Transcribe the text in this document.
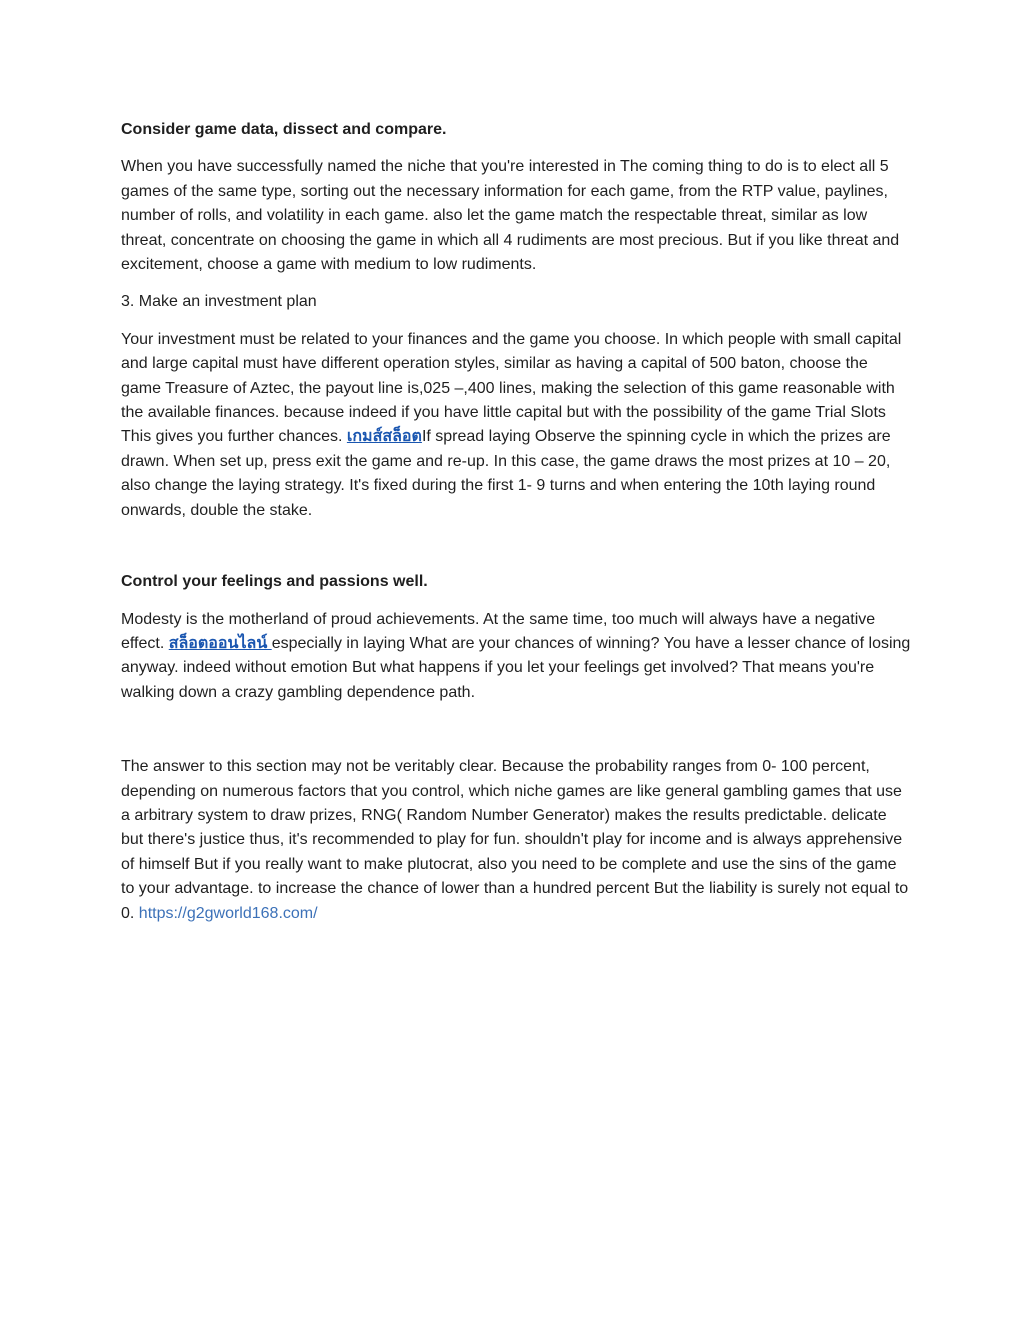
Consider game data, dissect and compare.

When you have successfully named the niche that you're interested in The coming thing to do is to elect all 5 games of the same type, sorting out the necessary information for each game, from the RTP value, paylines, number of rolls, and volatility in each game. also let the game match the respectable threat, similar as low threat, concentrate on choosing the game in which all 4 rudiments are most precious. But if you like threat and excitement, choose a game with medium to low rudiments.

3. Make an investment plan

Your investment must be related to your finances and the game you choose. In which people with small capital and large capital must have different operation styles, similar as having a capital of 500 baton, choose the game Treasure of Aztec, the payout line is,025 –,400 lines, making the selection of this game reasonable with the available finances. because indeed if you have little capital but with the possibility of the game Trial Slots This gives you further chances. เกมส์สล็อตIf spread laying Observe the spinning cycle in which the prizes are drawn. When set up, press exit the game and re-up. In this case, the game draws the most prizes at 10 – 20, also change the laying strategy. It's fixed during the first 1- 9 turns and when entering the 10th laying round onwards, double the stake.

Control your feelings and passions well.

Modesty is the motherland of proud achievements. At the same time, too much will always have a negative effect. สล็อตออนไลน์ especially in laying What are your chances of winning? You have a lesser chance of losing anyway. indeed without emotion But what happens if you let your feelings get involved? That means you're walking down a crazy gambling dependence path.

The answer to this section may not be veritably clear. Because the probability ranges from 0- 100 percent, depending on numerous factors that you control, which niche games are like general gambling games that use a arbitrary system to draw prizes, RNG( Random Number Generator) makes the results predictable. delicate but there's justice thus, it's recommended to play for fun. shouldn't play for income and is always apprehensive of himself But if you really want to make plutocrat, also you need to be complete and use the sins of the game to your advantage. to increase the chance of lower than a hundred percent But the liability is surely not equal to 0. https://g2gworld168.com/
